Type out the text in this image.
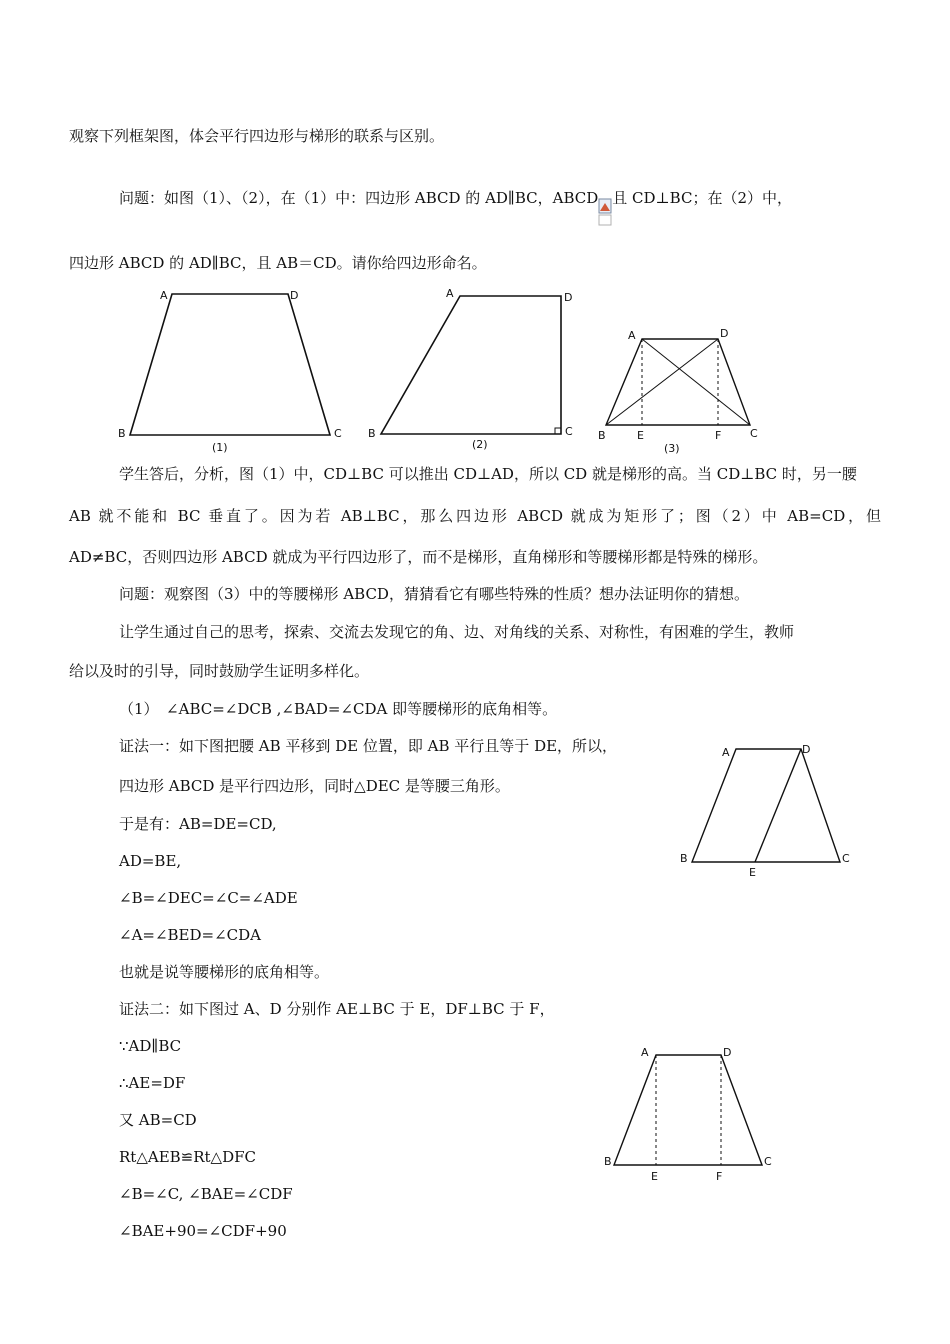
观察下列框架图，体会平行四边形与梯形的联系与区别。
问题：如图（1）、（2），在（1）中：四边形 ABCD 的 AD∥BC，ABCD 且 CD⊥BC；在（2）中，
四边形 ABCD 的 AD∥BC，且 AB＝CD。请你给四边形命名。
A	D
B	C
(1)
A	D
B	C
(2)
A	D
B	E	F	C
(3)
学生答后，分析，图（1）中，CD⊥BC 可以推出 CD⊥AD，所以 CD 就是梯形的高。当 CD⊥BC 时，另一腰
AB 就不能和 BC 垂直了。因为若 AB⊥BC，那么四边形 ABCD 就成为矩形了；图（2）中 AB=CD，但
AD≠BC，否则四边形 ABCD 就成为平行四边形了，而不是梯形，直角梯形和等腰梯形都是特殊的梯形。
问题：观察图（3）中的等腰梯形 ABCD，猜猜看它有哪些特殊的性质？想办法证明你的猜想。
让学生通过自己的思考，探索、交流去发现它的角、边、对角线的关系、对称性，有困难的学生，教师
给以及时的引导，同时鼓励学生证明多样化。
（1）　∠ABC=∠DCB ,∠BAD=∠CDA 即等腰梯形的底角相等。
证法一：如下图把腰 AB 平移到 DE 位置，即 AB 平行且等于 DE，所以，
四边形 ABCD 是平行四边形，同时△DEC 是等腰三角形。
于是有：AB=DE=CD,
AD=BE,
∠B=∠DEC=∠C=∠ADE
∠A=∠BED=∠CDA
也就是说等腰梯形的底角相等。
A	D
B	C
E
证法二：如下图过 A、D 分别作 AE⊥BC 于 E，DF⊥BC 于 F，
∵AD∥BC
∴AE=DF
又 AB=CD
Rt△AEB≌Rt△DFC
∠B=∠C, ∠BAE=∠CDF
∠BAE+90=∠CDF+90
A	D
B	C
E	F
